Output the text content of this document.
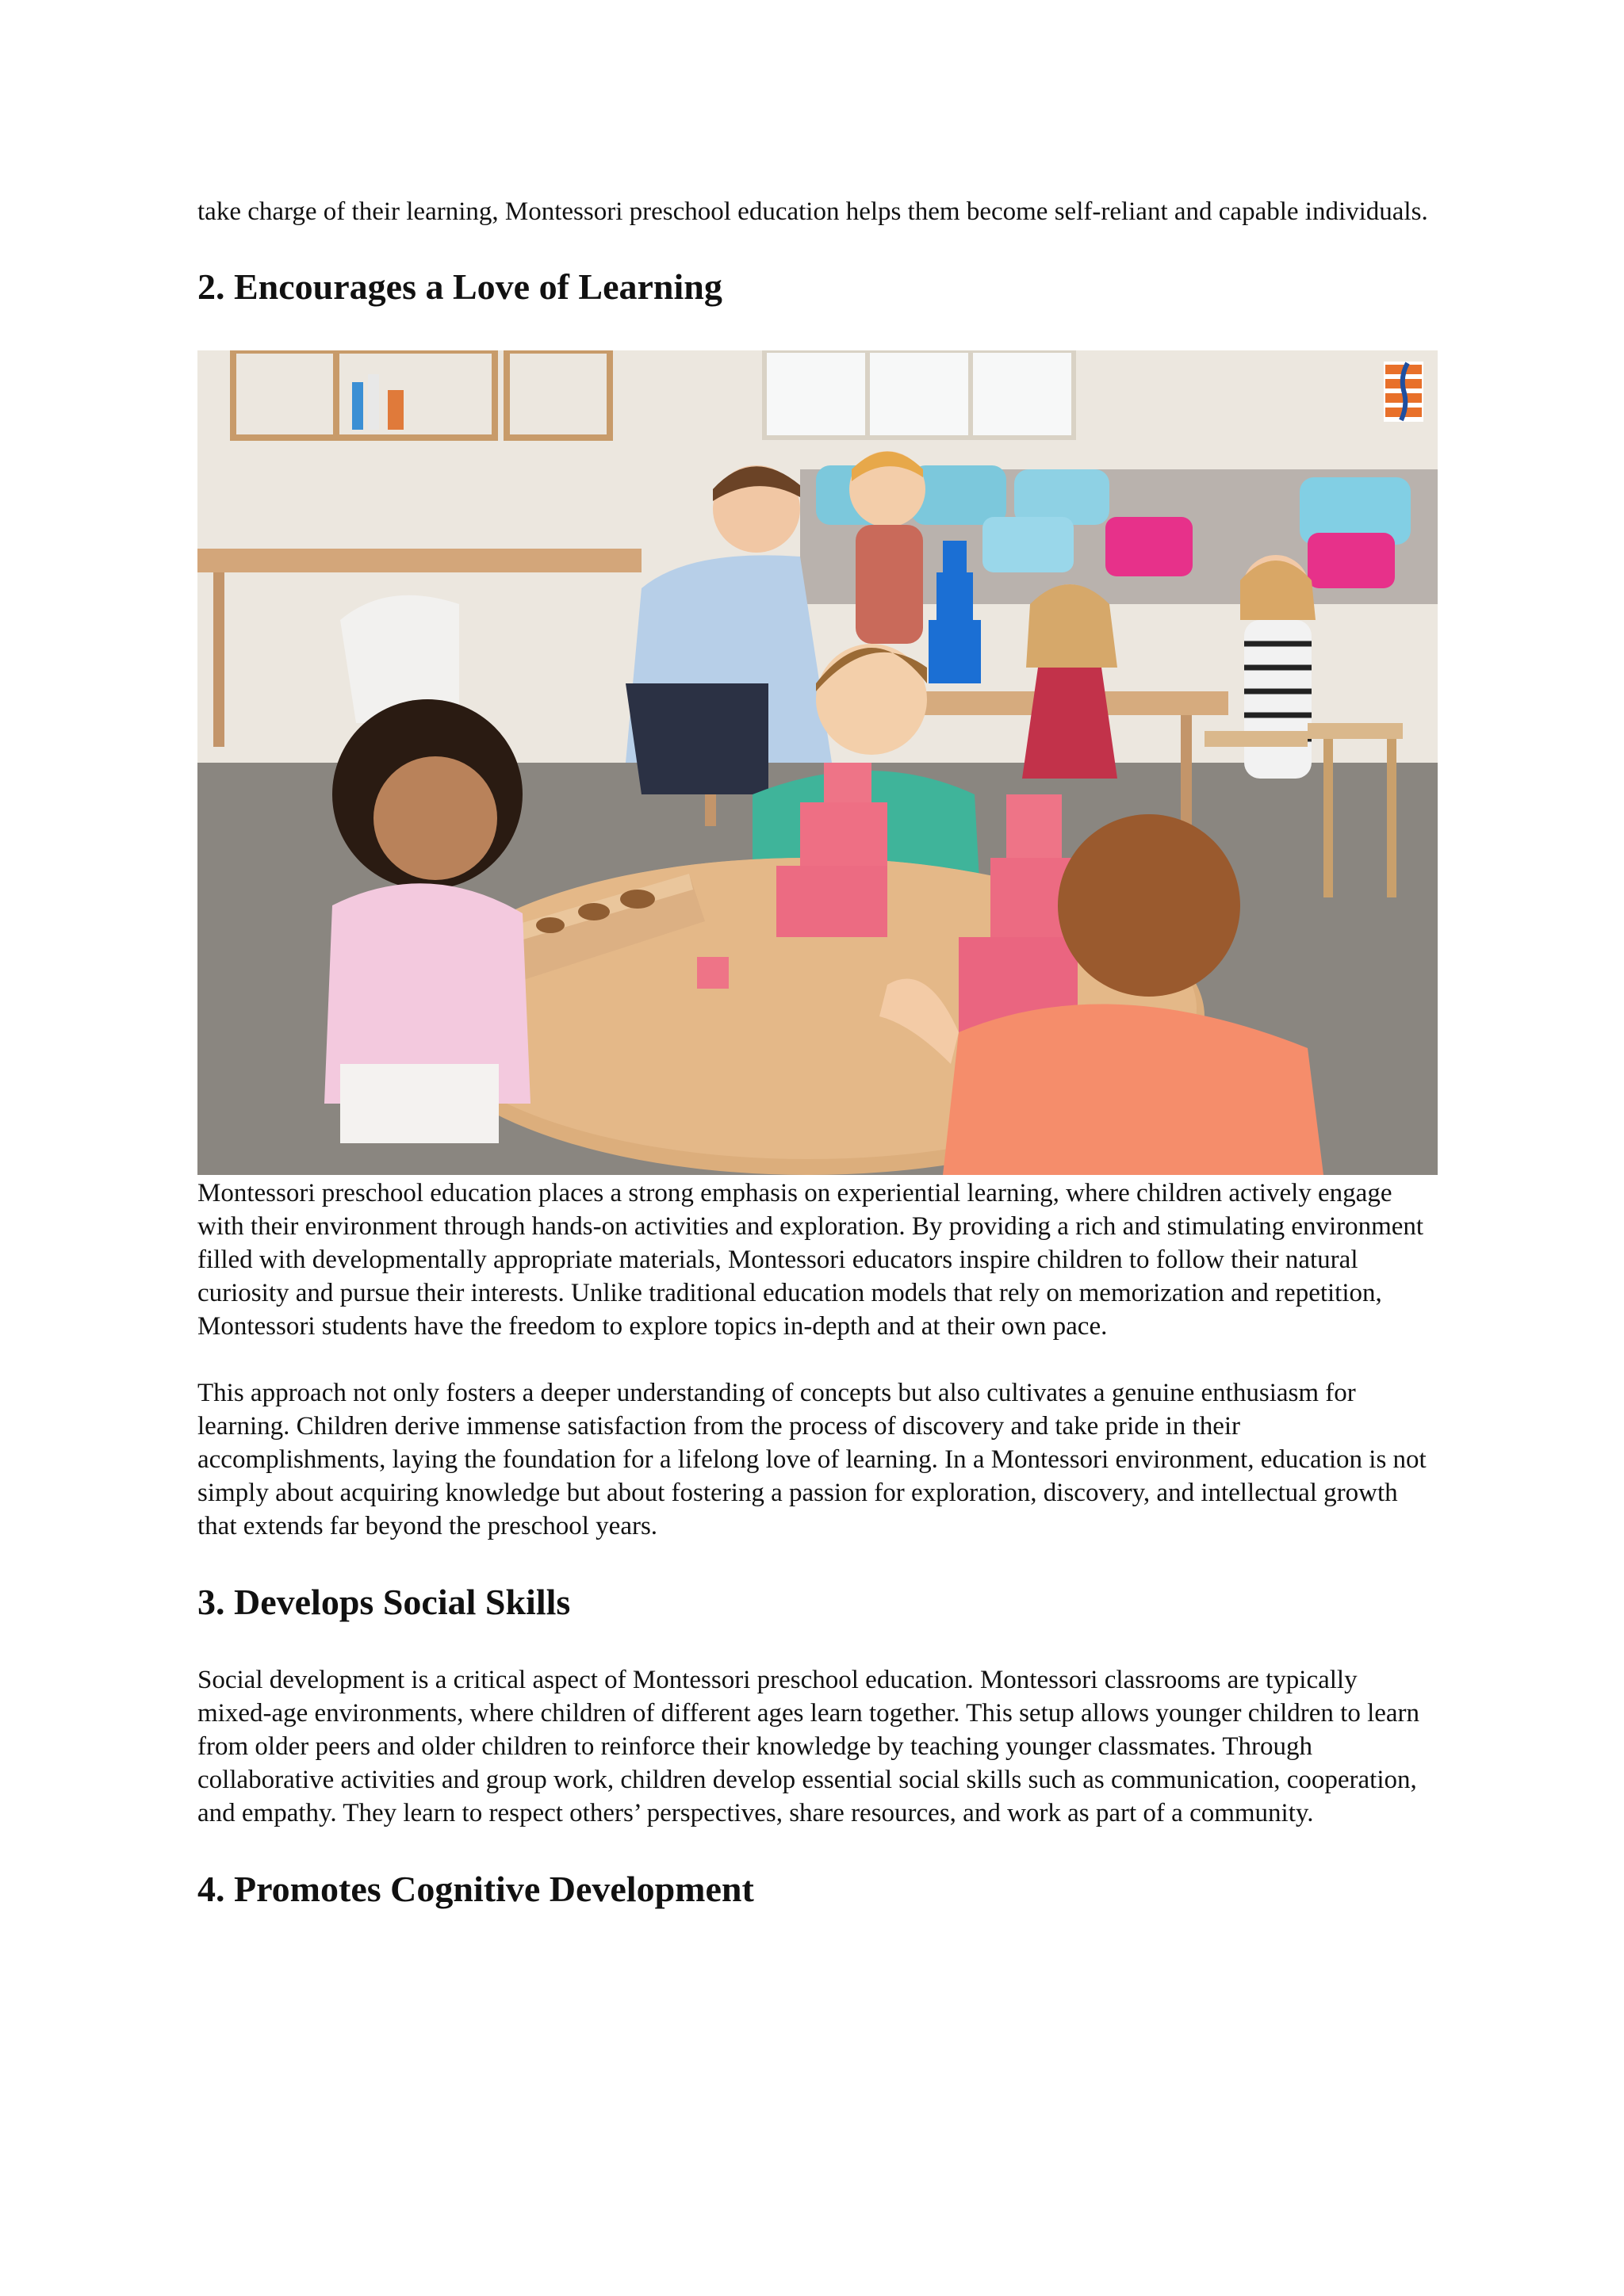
take charge of their learning, Montessori preschool education helps them become self-reliant and capable individuals.

2. Encourages a Love of Learning

Montessori preschool education places a strong emphasis on experiential learning, where children actively engage with their environment through hands-on activities and exploration. By providing a rich and stimulating environment filled with developmentally appropriate materials, Montessori educators inspire children to follow their natural curiosity and pursue their interests. Unlike traditional education models that rely on memorization and repetition, Montessori students have the freedom to explore topics in-depth and at their own pace.

This approach not only fosters a deeper understanding of concepts but also cultivates a genuine enthusiasm for learning. Children derive immense satisfaction from the process of discovery and take pride in their accomplishments, laying the foundation for a lifelong love of learning. In a Montessori environment, education is not simply about acquiring knowledge but about fostering a passion for exploration, discovery, and intellectual growth that extends far beyond the preschool years.

3. Develops Social Skills

Social development is a critical aspect of Montessori preschool education. Montessori classrooms are typically mixed-age environments, where children of different ages learn together. This setup allows younger children to learn from older peers and older children to reinforce their knowledge by teaching younger classmates. Through collaborative activities and group work, children develop essential social skills such as communication, cooperation, and empathy. They learn to respect others’ perspectives, share resources, and work as part of a community.

4. Promotes Cognitive Development
